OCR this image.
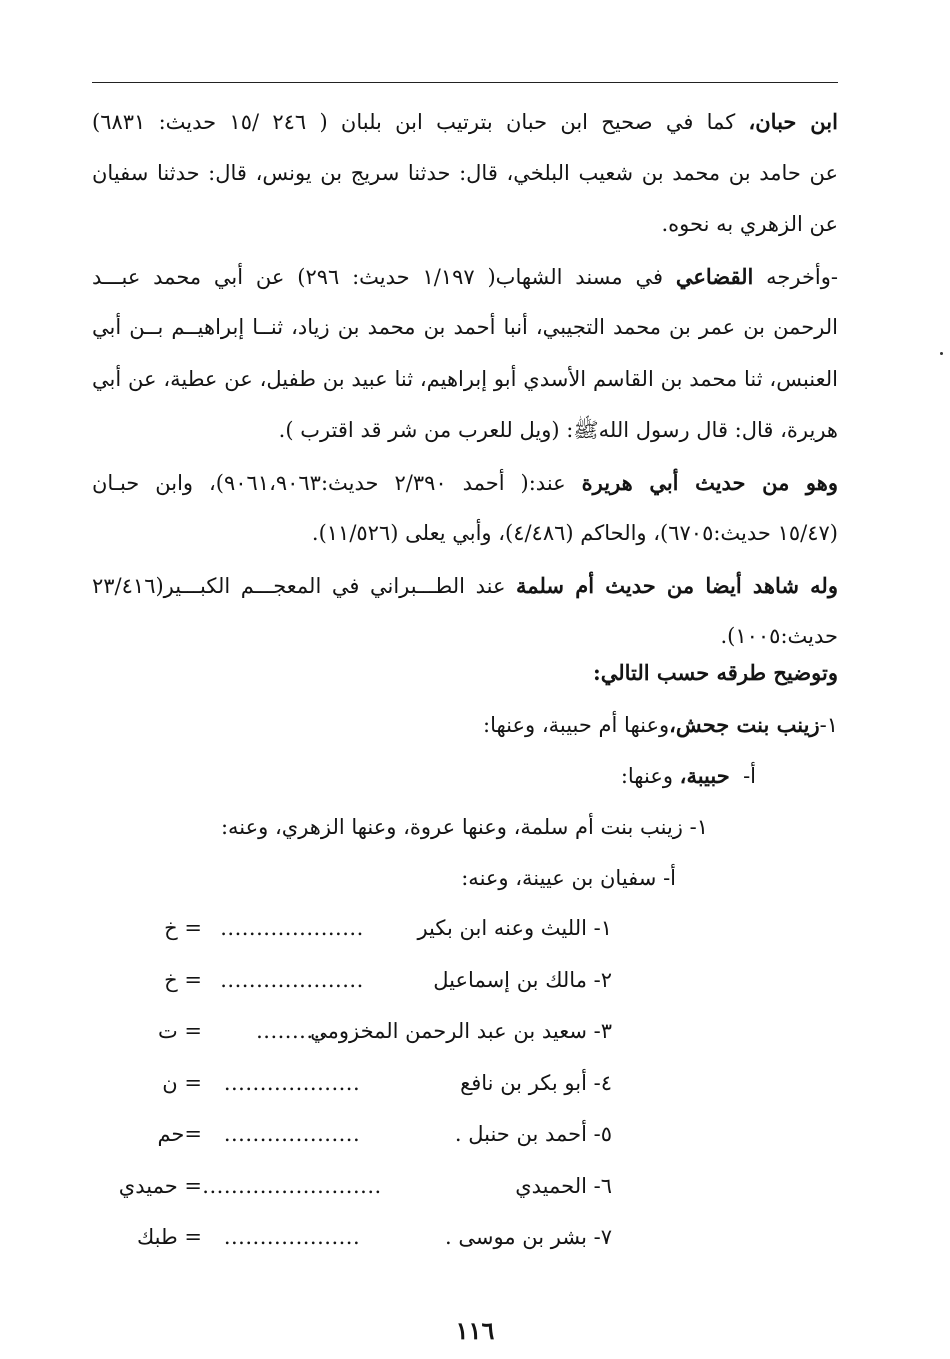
ابن حبان، كما في صحيح ابن حبان بترتيب ابن بلبان ( ٢٤٦ /١٥ حديث: ٦٨٣١)
عن حامد بن محمد بن شعيب البلخي، قال: حدثنا سريج بن يونس، قال: حدثنا سفيان
عن الزهري به نحوه.
-وأخرجه القضاعي في مسند الشهاب( ١/١٩٧ حديث: ٢٩٦) عن أبي محمد عبـــد
الرحمن بن عمر بن محمد التجيبي، أنبا أحمد بن محمد بن زياد، ثنــا إبراهيــم بــن أبي
العنبس، ثنا محمد بن القاسم الأسدي أبو إبراهيم، ثنا عبيد بن طفيل، عن عطية، عن أبي
هريرة، قال: قال رسول اللهﷺ: (ويل للعرب من شر قد اقترب ).
وهو من حديث أبي هريرة عند:( أحمد ٢/٣٩٠ حديث:٩٠٦١،٩٠٦٣)، وابن حبـان
(١٥/٤٧ حديث:٦٧٠٥)، والحاكم (٤/٤٨٦)، وأبي يعلى (١١/٥٢٦).
وله شاهد أيضا من حديث أم سلمة عند الطـــبراني في المعجـــم الكبـــير(٢٣/٤١٦
حديث:١٠٠٥).
وتوضيح طرقه حسب التالي:
١-زينب بنت جحش،وعنها أم حبيبة، وعنها:
أ-  حبيبة، وعنها:
١- زينب بنت أم سلمة، وعنها عروة، وعنها الزهري، وعنه:
أ- سفيان بن عيينة، وعنه:
١- الليث وعنه ابن بكير
....................
= خ
٢- مالك بن إسماعيل
....................
= خ
٣- سعيد بن عبد الرحمن المخزومي
..........
= ت
٤- أبو بكر بن نافع
...................
= ن
٥- أحمد بن حنبل .
...................
=حم
٦- الحميدي
.........................
= حميدي
٧- بشر بن موسى .
...................
= طبك
١١٦
